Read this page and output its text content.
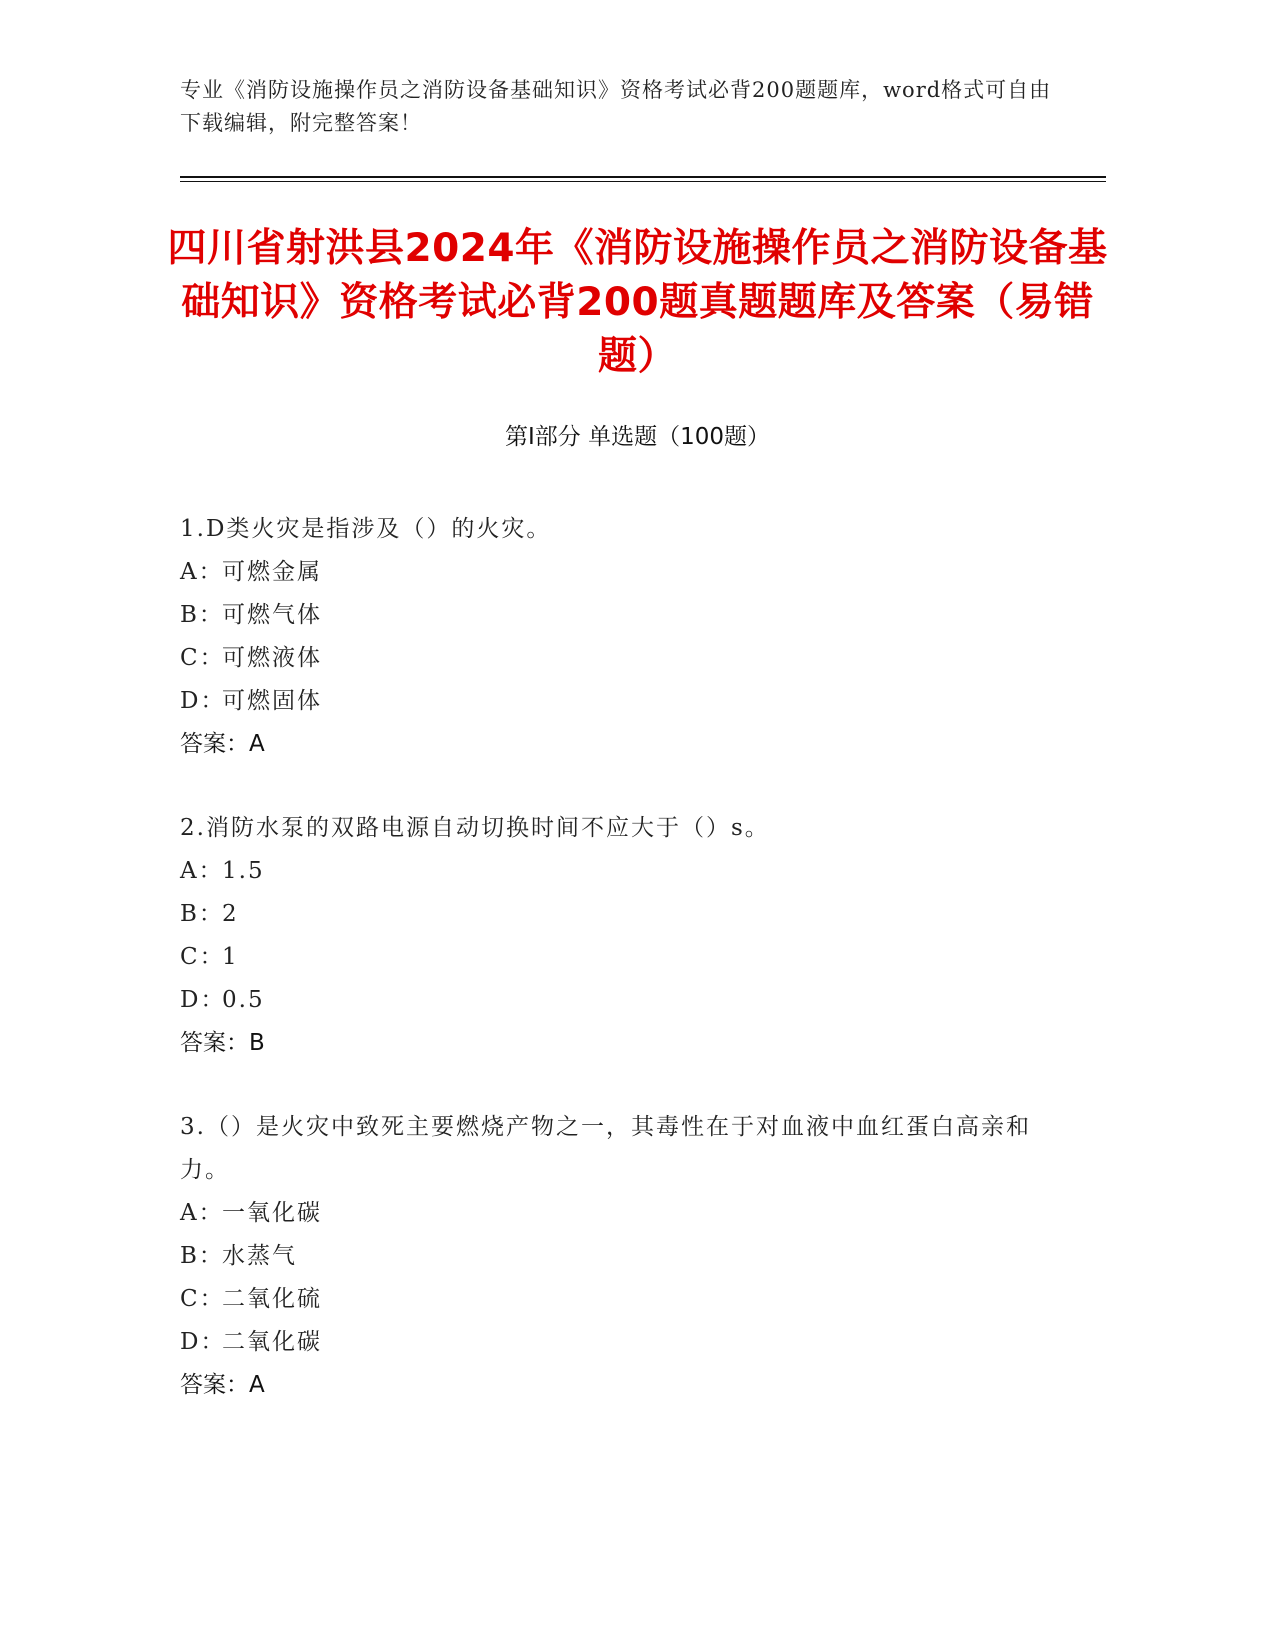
专业《消防设施操作员之消防设备基础知识》资格考试必背200题题库，word格式可自由下载编辑，附完整答案！
四川省射洪县2024年《消防设施操作员之消防设备基础知识》资格考试必背200题真题题库及答案（易错题）
第Ⅰ部分 单选题（100题）
1.D类火灾是指涉及（）的火灾。
A：可燃金属
B：可燃气体
C：可燃液体
D：可燃固体
答案：A
2.消防水泵的双路电源自动切换时间不应大于（）s。
A：1.5
B：2
C：1
D：0.5
答案：B
3.（）是火灾中致死主要燃烧产物之一，其毒性在于对血液中血红蛋白高亲和力。
A：一氧化碳
B：水蒸气
C：二氧化硫
D：二氧化碳
答案：A
